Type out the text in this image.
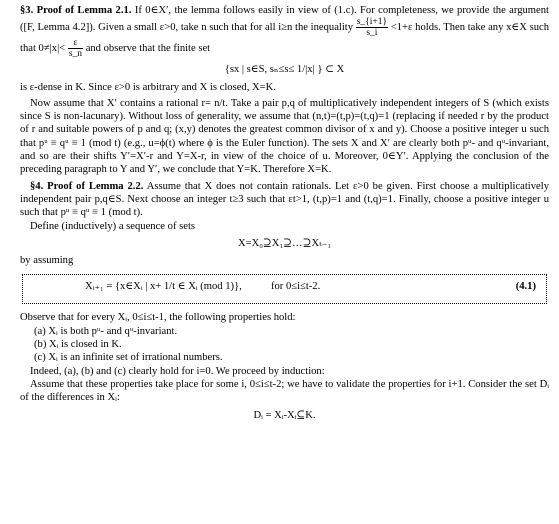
§3. Proof of Lemma 2.1. If 0∈X′, the lemma follows easily in view of (1.c). For completeness, we provide the argument ([F, Lemma 4.2]). Given a small ε>0, take n such that for all i≥n the inequality $\frac{s\_\{i+1\}}{s\_i} <1+\varepsilon$ holds. Then take any x∈X such that $0\ne|x|< \frac{\varepsilon}{s\_n}$ and observe that the finite set

{sx | s∈S, sₙ≤s≤ 1/|x| } ⊂ X

is ε-dense in K. Since ε>0 is arbitrary and X is closed, X=K.

Now assume that X′ contains a rational r= n/t. Take a pair p,q of multiplicatively independent integers of S (which exists since S is non-lacunary). Without loss of generality, we assume that (n,t)=(t,p)=(t,q)=1 (replacing if needed r by the product of r and suitable powers of p and q; (x,y) denotes the greatest common divisor of x and y). Choose a positive integer u such that pᵘ ≡ qᵘ ≡ 1 (mod t) (e.g., u=ϕ(t) where ϕ is the Euler function). The sets X and X′ are clearly both pᵘ- and qᵘ-invariant, and so are their shifts Y′=X′-r and Y=X-r, in view of the choice of u. Moreover, 0∈Y′. Applying the conclusion of the preceding paragraph to Y and Y′, we conclude that Y=K. Therefore X=K.

§4. Proof of Lemma 2.2. Assume that X does not contain rationals. Let ε>0 be given. First choose a multiplicatively independent pair p,q∈S. Next choose an integer t≥3 such that εt>1, (t,p)=1 and (t,q)=1. Finally, choose a positive integer u such that pᵘ ≡ qᵘ ≡ 1 (mod t).

Define (inductively) a sequence of sets

X=X₀⊇X₁⊇…⊇Xₜ₋₁

by assuming

Xᵢ₊₁ = {x∈Xᵢ | x+ 1/t ∈ Xᵢ (mod 1)},	for 0≤i≤t-2.	(4.1)

Observe that for every Xᵢ, 0≤i≤t-1, the following properties hold:

(a) Xᵢ is both pᵘ- and qᵘ-invariant.
(b) Xᵢ is closed in K.
(c) Xᵢ is an infinite set of irrational numbers.

Indeed, (a), (b) and (c) clearly hold for i=0. We proceed by induction:

Assume that these properties take place for some i, 0≤i≤t-2; we have to validate the properties for i+1. Consider the set Dᵢ of the differences in Xᵢ:

Dᵢ = Xᵢ-Xᵢ⊆K.
